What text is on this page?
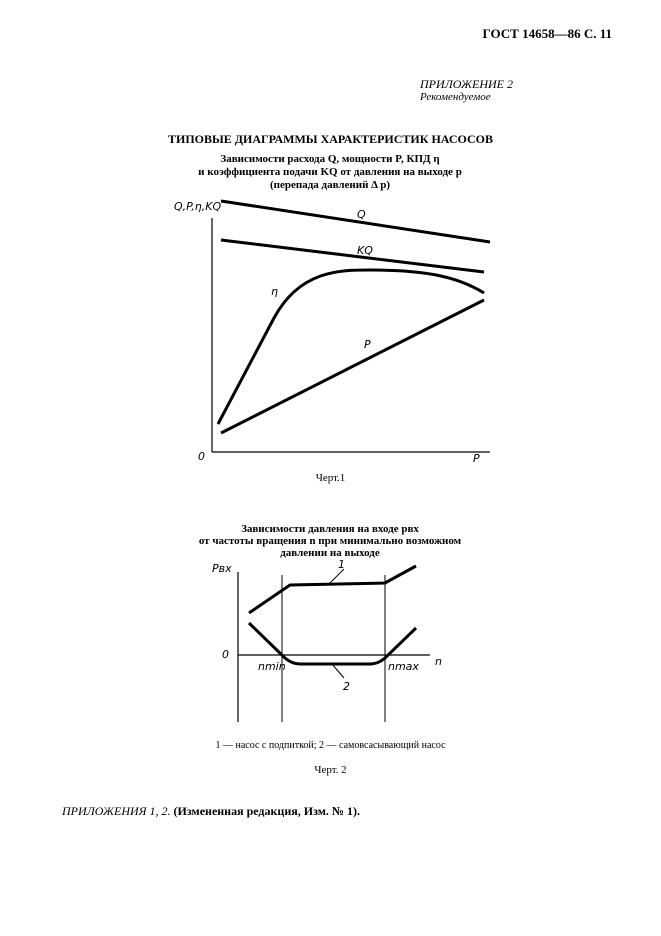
ГОСТ 14658—86 С. 11
ПРИЛОЖЕНИЕ 2
Рекомендуемое
ТИПОВЫЕ ДИАГРАММЫ ХАРАКТЕРИСТИК НАСОСОВ
Зависимости расхода Q, мощности P, КПД η
и коэффициента подачи KQ от давления на выходе p
(перепада давлений Δ p)
Q,P,η,KQ
0	P
Q
KQ
η
P
Черт.1
Зависимости давления на входе pвх
от частоты вращения n при минимально возможном
давлении на выходе
Pвх
0
n
nmin	nmax
1
2
1 — насос с подпиткой; 2 — самовсасывающий насос
Черт. 2
ПРИЛОЖЕНИЯ 1, 2. (Измененная редакция, Изм. № 1).
